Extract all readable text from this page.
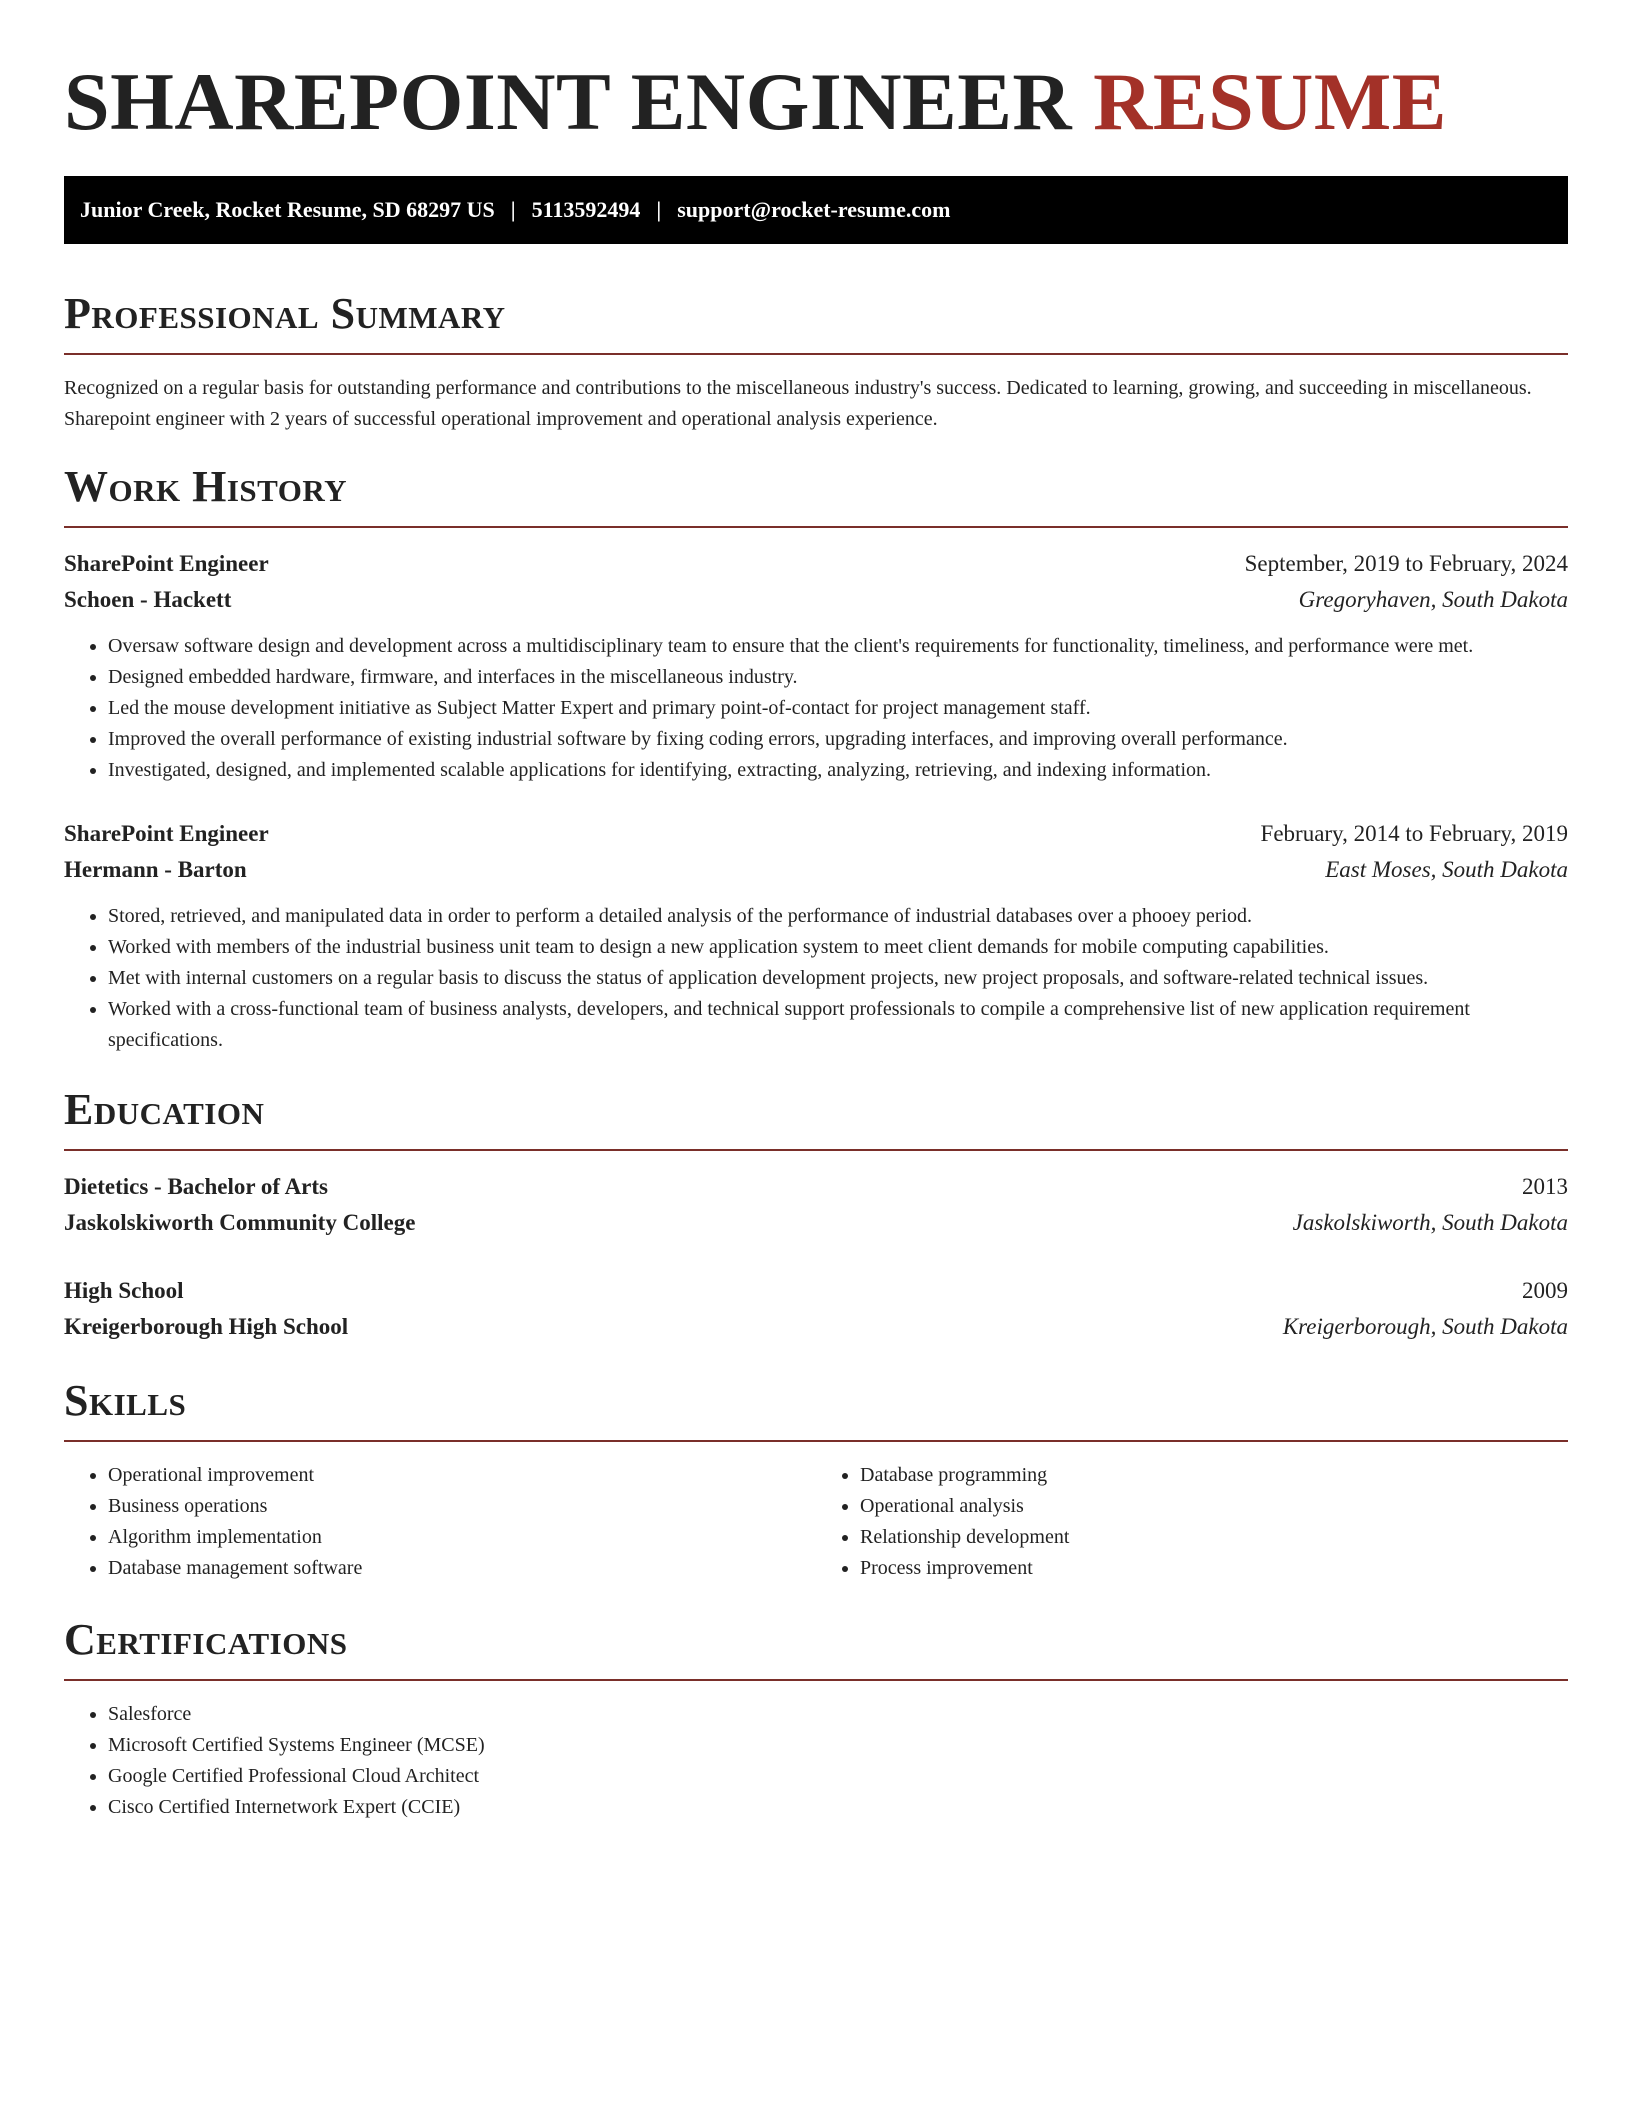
SHAREPOINT ENGINEER RESUME
Junior Creek, Rocket Resume, SD 68297 US | 5113592494 | support@rocket-resume.com
Professional Summary

Recognized on a regular basis for outstanding performance and contributions to the miscellaneous industry's success. Dedicated to learning, growing, and succeeding in miscellaneous. Sharepoint engineer with 2 years of successful operational improvement and operational analysis experience.

Work History
SharePoint Engineer	September, 2019 to February, 2024
Schoen - Hackett	Gregoryhaven, South Dakota
• Oversaw software design and development across a multidisciplinary team to ensure that the client's requirements for functionality, timeliness, and performance were met.
• Designed embedded hardware, firmware, and interfaces in the miscellaneous industry.
• Led the mouse development initiative as Subject Matter Expert and primary point-of-contact for project management staff.
• Improved the overall performance of existing industrial software by fixing coding errors, upgrading interfaces, and improving overall performance.
• Investigated, designed, and implemented scalable applications for identifying, extracting, analyzing, retrieving, and indexing information.
SharePoint Engineer	February, 2014 to February, 2019
Hermann - Barton	East Moses, South Dakota
• Stored, retrieved, and manipulated data in order to perform a detailed analysis of the performance of industrial databases over a phooey period.
• Worked with members of the industrial business unit team to design a new application system to meet client demands for mobile computing capabilities.
• Met with internal customers on a regular basis to discuss the status of application development projects, new project proposals, and software-related technical issues.
• Worked with a cross-functional team of business analysts, developers, and technical support professionals to compile a comprehensive list of new application requirement specifications.
Education
Dietetics - Bachelor of Arts	2013
Jaskolskiworth Community College	Jaskolskiworth, South Dakota
High School	2009
Kreigerborough High School	Kreigerborough, South Dakota
Skills
• Operational improvement
• Business operations
• Algorithm implementation
• Database management software
• Database programming
• Operational analysis
• Relationship development
• Process improvement
Certifications
• Salesforce
• Microsoft Certified Systems Engineer (MCSE)
• Google Certified Professional Cloud Architect
• Cisco Certified Internetwork Expert (CCIE)
